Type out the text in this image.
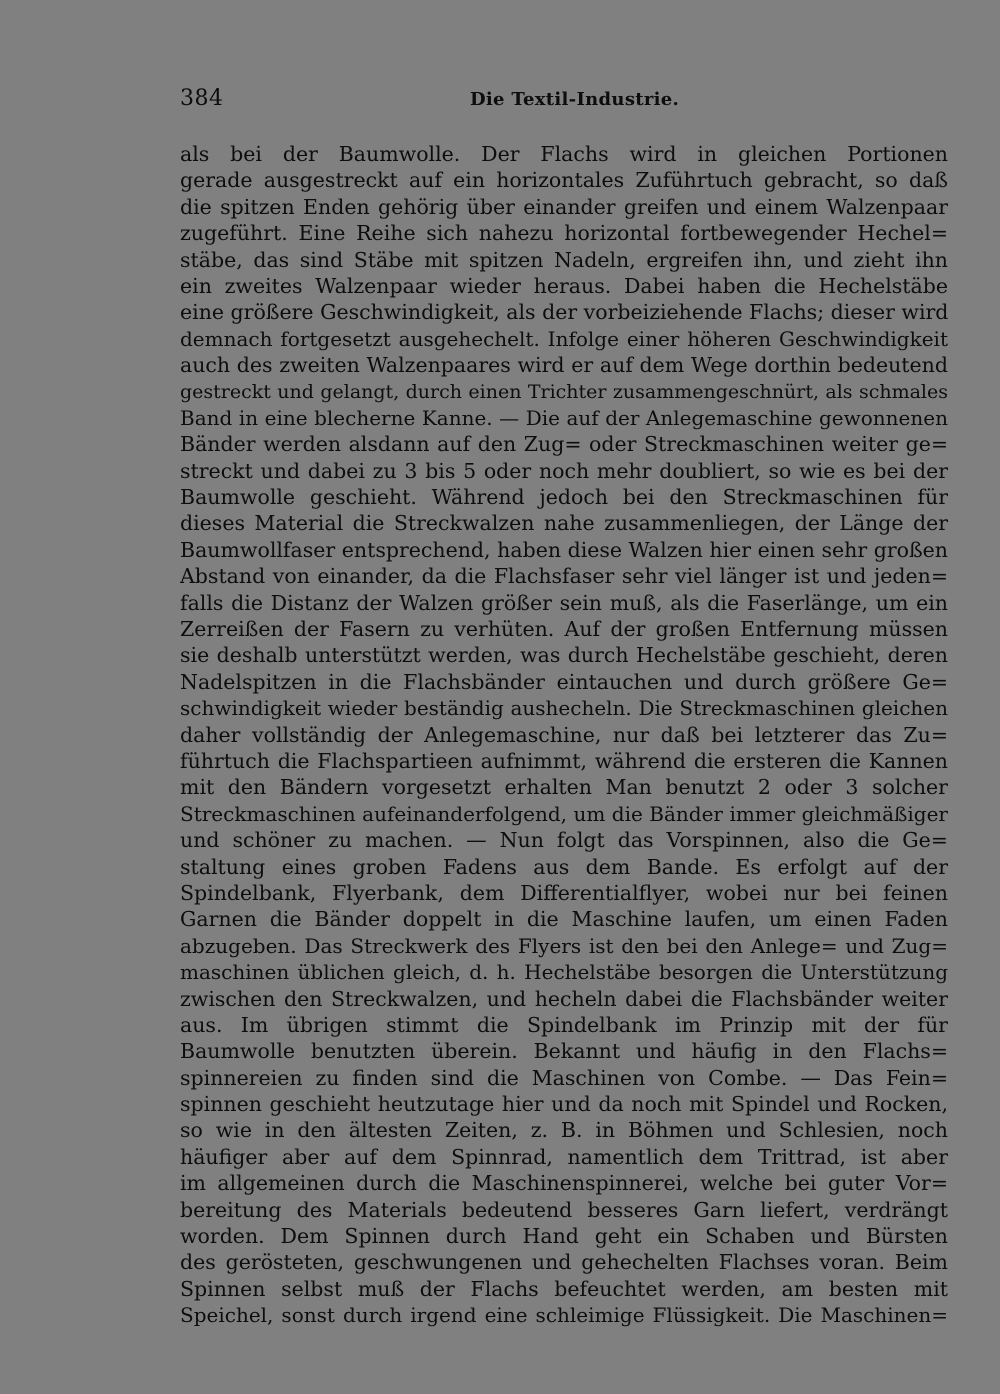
384	Die Textil-Industrie.
als bei der Baumwolle. Der Flachs wird in gleichen Portionen
gerade ausgestreckt auf ein horizontales Zuführtuch gebracht, so daß
die spitzen Enden gehörig über einander greifen und einem Walzenpaar
zugeführt. Eine Reihe sich nahezu horizontal fortbewegender Hechel=
stäbe, das sind Stäbe mit spitzen Nadeln, ergreifen ihn, und zieht ihn
ein zweites Walzenpaar wieder heraus. Dabei haben die Hechelstäbe
eine größere Geschwindigkeit, als der vorbeiziehende Flachs; dieser wird
demnach fortgesetzt ausgehechelt. Infolge einer höheren Geschwindigkeit
auch des zweiten Walzenpaares wird er auf dem Wege dorthin bedeutend
gestreckt und gelangt, durch einen Trichter zusammengeschnürt, als schmales
Band in eine blecherne Kanne. — Die auf der Anlegemaschine gewonnenen
Bänder werden alsdann auf den Zug= oder Streckmaschinen weiter ge=
streckt und dabei zu 3 bis 5 oder noch mehr doubliert, so wie es bei der
Baumwolle geschieht. Während jedoch bei den Streckmaschinen für
dieses Material die Streckwalzen nahe zusammenliegen, der Länge der
Baumwollfaser entsprechend, haben diese Walzen hier einen sehr großen
Abstand von einander, da die Flachsfaser sehr viel länger ist und jeden=
falls die Distanz der Walzen größer sein muß, als die Faserlänge, um ein
Zerreißen der Fasern zu verhüten. Auf der großen Entfernung müssen
sie deshalb unterstützt werden, was durch Hechelstäbe geschieht, deren
Nadelspitzen in die Flachsbänder eintauchen und durch größere Ge=
schwindigkeit wieder beständig aushecheln. Die Streckmaschinen gleichen
daher vollständig der Anlegemaschine, nur daß bei letzterer das Zu=
führtuch die Flachspartieen aufnimmt, während die ersteren die Kannen
mit den Bändern vorgesetzt erhalten Man benutzt 2 oder 3 solcher
Streckmaschinen aufeinanderfolgend, um die Bänder immer gleichmäßiger
und schöner zu machen. — Nun folgt das Vorspinnen, also die Ge=
staltung eines groben Fadens aus dem Bande. Es erfolgt auf der
Spindelbank, Flyerbank, dem Differentialflyer, wobei nur bei feinen
Garnen die Bänder doppelt in die Maschine laufen, um einen Faden
abzugeben. Das Streckwerk des Flyers ist den bei den Anlege= und Zug=
maschinen üblichen gleich, d. h. Hechelstäbe besorgen die Unterstützung
zwischen den Streckwalzen, und hecheln dabei die Flachsbänder weiter
aus. Im übrigen stimmt die Spindelbank im Prinzip mit der für
Baumwolle benutzten überein. Bekannt und häufig in den Flachs=
spinnereien zu finden sind die Maschinen von Combe. — Das Fein=
spinnen geschieht heutzutage hier und da noch mit Spindel und Rocken,
so wie in den ältesten Zeiten, z. B. in Böhmen und Schlesien, noch
häufiger aber auf dem Spinnrad, namentlich dem Trittrad, ist aber
im allgemeinen durch die Maschinenspinnerei, welche bei guter Vor=
bereitung des Materials bedeutend besseres Garn liefert, verdrängt
worden. Dem Spinnen durch Hand geht ein Schaben und Bürsten
des gerösteten, geschwungenen und gehechelten Flachses voran. Beim
Spinnen selbst muß der Flachs befeuchtet werden, am besten mit
Speichel, sonst durch irgend eine schleimige Flüssigkeit. Die Maschinen=
